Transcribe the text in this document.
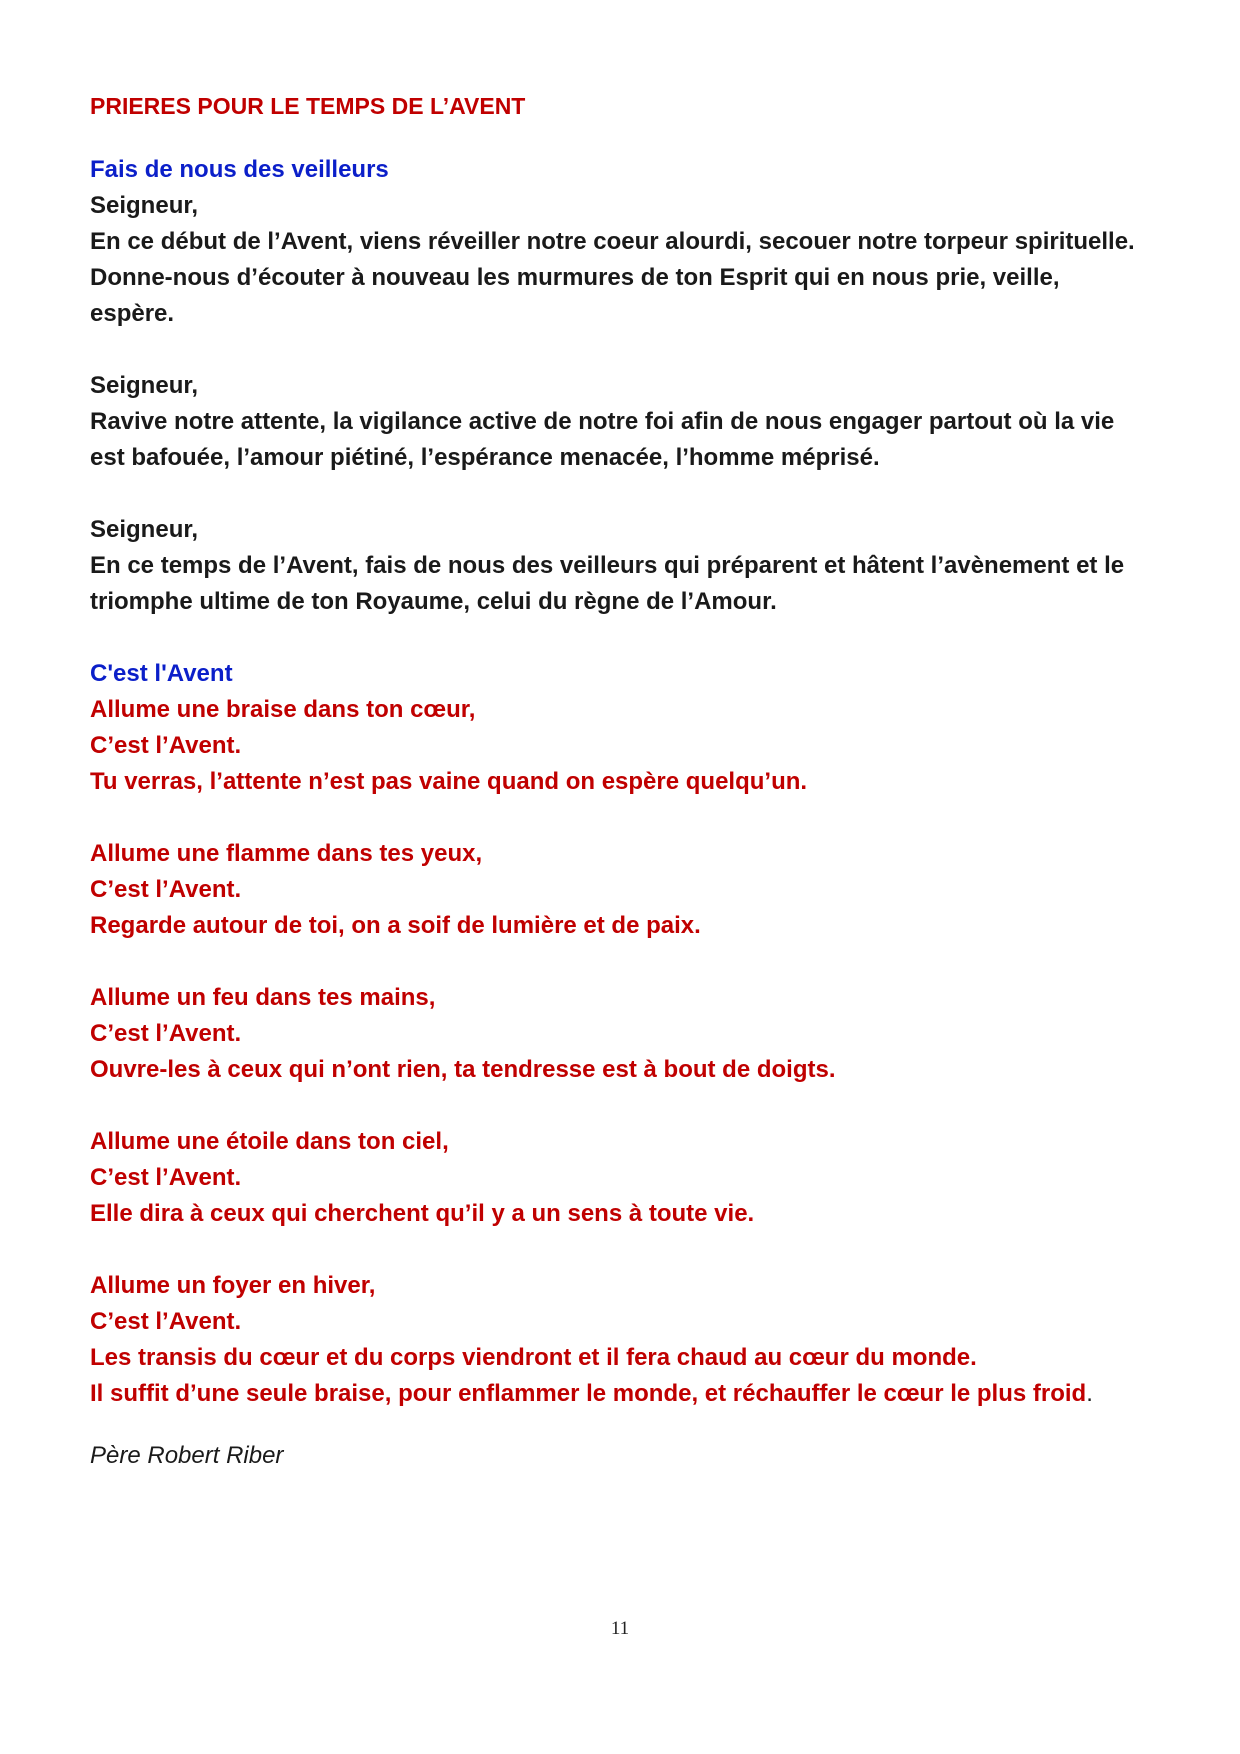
PRIERES POUR LE TEMPS DE L’AVENT
Fais de nous des veilleurs

Seigneur,

En ce début de l’Avent, viens réveiller notre coeur alourdi, secouer notre torpeur spirituelle.

Donne-nous d’écouter à nouveau les murmures de ton Esprit qui en nous prie, veille, espère.

Seigneur,

Ravive notre attente, la vigilance active de notre foi afin de nous engager partout où la vie est bafouée, l’amour piétiné, l’espérance menacée, l’homme méprisé.

Seigneur,

En ce temps de l’Avent, fais de nous des veilleurs qui préparent et hâtent l’avènement et le triomphe ultime de ton Royaume, celui du règne de l’Amour.

C'est l'Avent

Allume une braise dans ton cœur,

C’est l’Avent.

Tu verras, l’attente n’est pas vaine quand on espère quelqu’un.

Allume une flamme dans tes yeux,

C’est l’Avent.

Regarde autour de toi, on a soif de lumière et de paix.

Allume un feu dans tes mains,

C’est l’Avent.

Ouvre-les à ceux qui n’ont rien, ta tendresse est à bout de doigts.

Allume une étoile dans ton ciel,

C’est l’Avent.

Elle dira à ceux qui cherchent qu’il y a un sens à toute vie.

Allume un foyer en hiver,

C’est l’Avent.

Les transis du cœur et du corps viendront et il fera chaud au cœur du monde.

Il suffit d’une seule braise, pour enflammer le monde, et réchauffer le cœur le plus froid.

Père Robert Riber

11
